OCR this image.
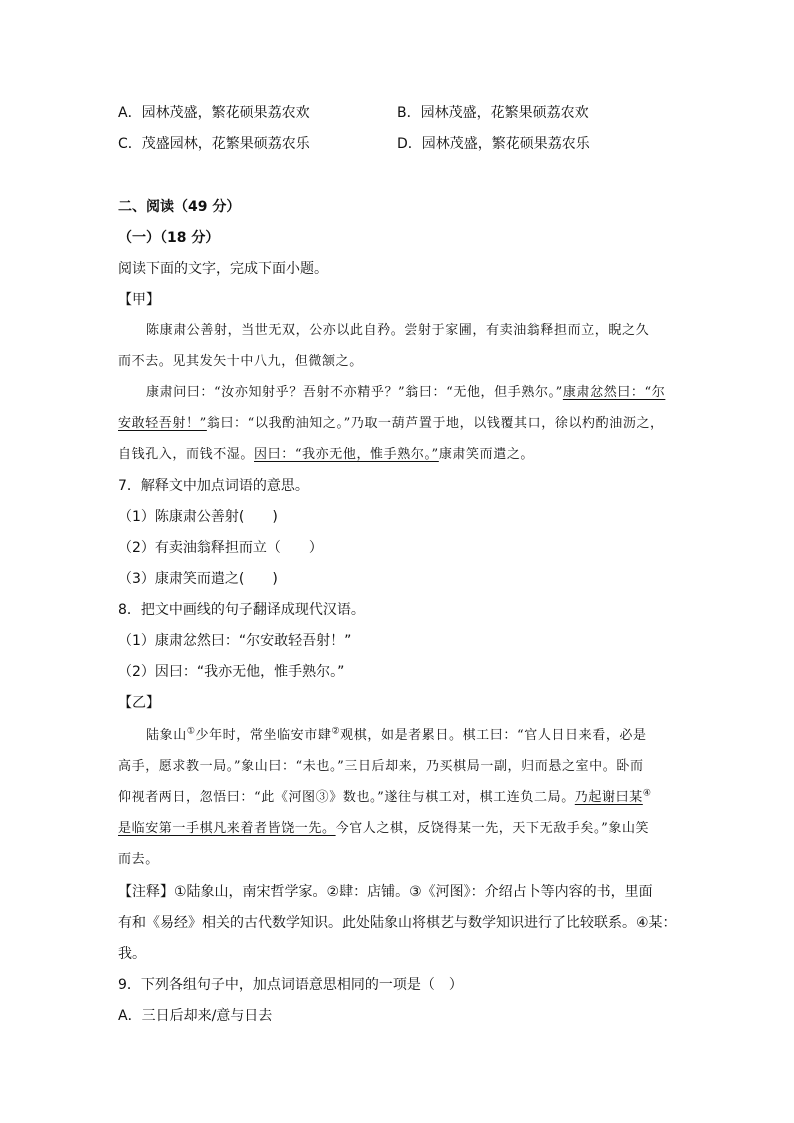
A．园林茂盛，繁花硕果荔农欢	B．园林茂盛，花繁果硕荔农欢
C．茂盛园林，花繁果硕荔农乐	D．园林茂盛，繁花硕果荔农乐
二、阅读（49 分）
（一）（18 分）
阅读下面的文字，完成下面小题。
【甲】
陈康肃公善射，当世无双，公亦以此自矜。尝射于家圃，有卖油翁释担而立，睨之久
而不去。见其发矢十中八九，但微颔之。
康肃问曰：“汝亦知射乎？吾射不亦精乎？”翁曰：“无他，但手熟尔。”康肃忿然曰：“尔
安敢轻吾射！”翁曰：“以我酌油知之。”乃取一葫芦置于地，以钱覆其口，徐以杓酌油沥之，
自钱孔入，而钱不湿。因曰：“我亦无他，惟手熟尔。”康肃笑而遣之。
7．解释文中加点词语的意思。
（1）陈康肃公善射(　　)
（2）有卖油翁释担而立（　　）
（3）康肃笑而遣之(　　)
8．把文中画线的句子翻译成现代汉语。
（1）康肃忿然曰：“尔安敢轻吾射！”
（2）因曰：“我亦无他，惟手熟尔。”
【乙】
陆象山①少年时，常坐临安市肆②观棋，如是者累日。棋工曰：“官人日日来看，必是
高手，愿求教一局。”象山曰：“未也。”三日后却来，乃买棋局一副，归而悬之室中。卧而
仰视者两日，忽悟曰：“此《河图③》数也。”遂往与棋工对，棋工连负二局。乃起谢曰某④
是临安第一手棋凡来着者皆饶一先。今官人之棋，反饶得某一先，天下无敌手矣。”象山笑
而去。
【注释】①陆象山，南宋哲学家。②肆：店铺。③《河图》：介绍占卜等内容的书，里面
有和《易经》相关的古代数学知识。此处陆象山将棋艺与数学知识进行了比较联系。④某：
我。
9．下列各组句子中，加点词语意思相同的一项是（　）
A．三日后却来/意与日去
